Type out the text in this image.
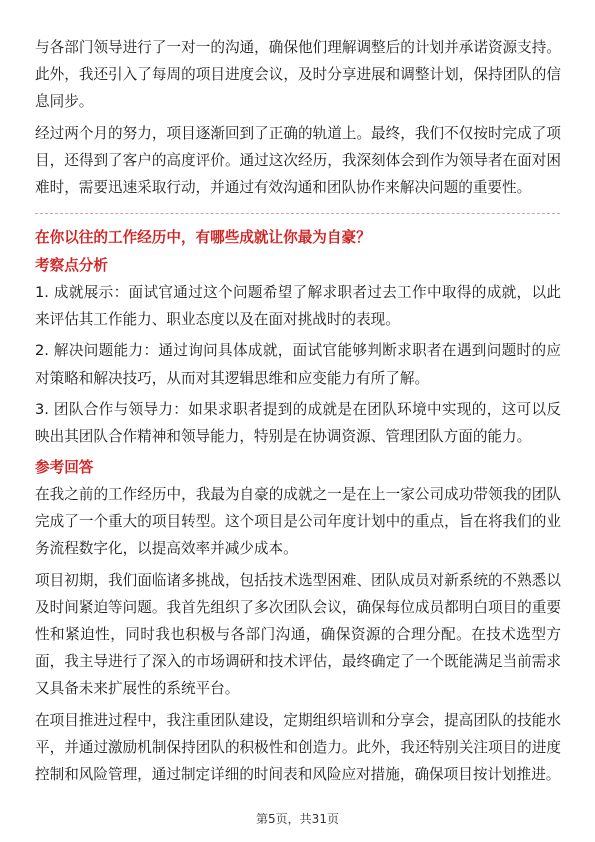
与各部门领导进行了一对一的沟通，确保他们理解调整后的计划并承诺资源支持。此外，我还引入了每周的项目进度会议，及时分享进展和调整计划，保持团队的信息同步。

经过两个月的努力，项目逐渐回到了正确的轨道上。最终，我们不仅按时完成了项目，还得到了客户的高度评价。通过这次经历，我深刻体会到作为领导者在面对困难时，需要迅速采取行动，并通过有效沟通和团队协作来解决问题的重要性。

在你以往的工作经历中，有哪些成就让你最为自豪？

考察点分析

1. 成就展示：面试官通过这个问题希望了解求职者过去工作中取得的成就，以此来评估其工作能力、职业态度以及在面对挑战时的表现。

2. 解决问题能力：通过询问具体成就，面试官能够判断求职者在遇到问题时的应对策略和解决技巧，从而对其逻辑思维和应变能力有所了解。

3. 团队合作与领导力：如果求职者提到的成就是在团队环境中实现的，这可以反映出其团队合作精神和领导能力，特别是在协调资源、管理团队方面的能力。

参考回答

在我之前的工作经历中，我最为自豪的成就之一是在上一家公司成功带领我的团队完成了一个重大的项目转型。这个项目是公司年度计划中的重点，旨在将我们的业务流程数字化，以提高效率并减少成本。

项目初期，我们面临诸多挑战，包括技术选型困难、团队成员对新系统的不熟悉以及时间紧迫等问题。我首先组织了多次团队会议，确保每位成员都明白项目的重要性和紧迫性，同时我也积极与各部门沟通，确保资源的合理分配。在技术选型方面，我主导进行了深入的市场调研和技术评估，最终确定了一个既能满足当前需求又具备未来扩展性的系统平台。

在项目推进过程中，我注重团队建设，定期组织培训和分享会，提高团队的技能水平，并通过激励机制保持团队的积极性和创造力。此外，我还特别关注项目的进度控制和风险管理，通过制定详细的时间表和风险应对措施，确保项目按计划推进。

第5页，共31页
